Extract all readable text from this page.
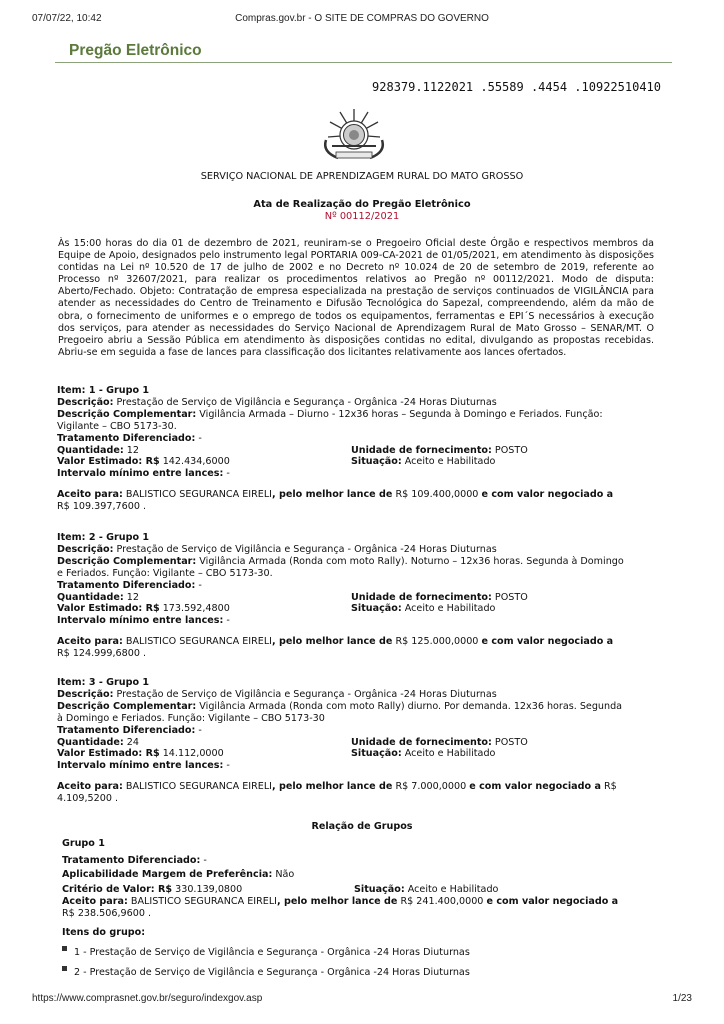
07/07/22, 10:42	Compras.gov.br - O SITE DE COMPRAS DO GOVERNO
Pregão Eletrônico
928379.1122021 .55589 .4454 .10922510410
SERVIÇO NACIONAL DE APRENDIZAGEM RURAL DO MATO GROSSO
Ata de Realização do Pregão Eletrônico
Nº 00112/2021
Às 15:00 horas do dia 01 de dezembro de 2021, reuniram-se o Pregoeiro Oficial deste Órgão e respectivos membros da Equipe de Apoio, designados pelo instrumento legal PORTARIA 009-CA-2021 de 01/05/2021, em atendimento às disposições contidas na Lei nº 10.520 de 17 de julho de 2002 e no Decreto nº 10.024 de 20 de setembro de 2019, referente ao Processo nº 32607/2021, para realizar os procedimentos relativos ao Pregão nº 00112/2021. Modo de disputa: Aberto/Fechado. Objeto: Contratação de empresa especializada na prestação de serviços continuados de VIGILÂNCIA para atender as necessidades do Centro de Treinamento e Difusão Tecnológica do Sapezal, compreendendo, além da mão de obra, o fornecimento de uniformes e o emprego de todos os equipamentos, ferramentas e EPI´S necessários à execução dos serviços, para atender as necessidades do Serviço Nacional de Aprendizagem Rural de Mato Grosso – SENAR/MT. O Pregoeiro abriu a Sessão Pública em atendimento às disposições contidas no edital, divulgando as propostas recebidas. Abriu-se em seguida a fase de lances para classificação dos licitantes relativamente aos lances ofertados.
Item: 1 - Grupo 1
Descrição: Prestação de Serviço de Vigilância e Segurança - Orgânica -24 Horas Diuturnas
Descrição Complementar: Vigilância Armada – Diurno - 12x36 horas – Segunda à Domingo e Feriados. Função:
Vigilante – CBO 5173-30.
Tratamento Diferenciado: -
Quantidade: 12	Unidade de fornecimento: POSTO
Valor Estimado: R$ 142.434,6000	Situação: Aceito e Habilitado
Intervalo mínimo entre lances: -
Aceito para: BALISTICO SEGURANCA EIRELI, pelo melhor lance de R$ 109.400,0000 e com valor negociado a
R$ 109.397,7600 .
Item: 2 - Grupo 1
Descrição: Prestação de Serviço de Vigilância e Segurança - Orgânica -24 Horas Diuturnas
Descrição Complementar: Vigilância Armada (Ronda com moto Rally). Noturno – 12x36 horas. Segunda à Domingo
e Feriados. Função: Vigilante – CBO 5173-30.
Tratamento Diferenciado: -
Quantidade: 12	Unidade de fornecimento: POSTO
Valor Estimado: R$ 173.592,4800	Situação: Aceito e Habilitado
Intervalo mínimo entre lances: -
Aceito para: BALISTICO SEGURANCA EIRELI, pelo melhor lance de R$ 125.000,0000 e com valor negociado a
R$ 124.999,6800 .
Item: 3 - Grupo 1
Descrição: Prestação de Serviço de Vigilância e Segurança - Orgânica -24 Horas Diuturnas
Descrição Complementar: Vigilância Armada (Ronda com moto Rally) diurno. Por demanda. 12x36 horas. Segunda
à Domingo e Feriados. Função: Vigilante – CBO 5173-30
Tratamento Diferenciado: -
Quantidade: 24	Unidade de fornecimento: POSTO
Valor Estimado: R$ 14.112,0000	Situação: Aceito e Habilitado
Intervalo mínimo entre lances: -
Aceito para: BALISTICO SEGURANCA EIRELI, pelo melhor lance de R$ 7.000,0000 e com valor negociado a R$
4.109,5200 .
Relação de Grupos
Grupo 1
Tratamento Diferenciado: -
Aplicabilidade Margem de Preferência: Não
Critério de Valor: R$ 330.139,0800	Situação: Aceito e Habilitado
Aceito para: BALISTICO SEGURANCA EIRELI, pelo melhor lance de R$ 241.400,0000 e com valor negociado a
R$ 238.506,9600 .
Itens do grupo:
1 - Prestação de Serviço de Vigilância e Segurança - Orgânica -24 Horas Diuturnas
2 - Prestação de Serviço de Vigilância e Segurança - Orgânica -24 Horas Diuturnas
https://www.comprasnet.gov.br/seguro/indexgov.asp	1/23
